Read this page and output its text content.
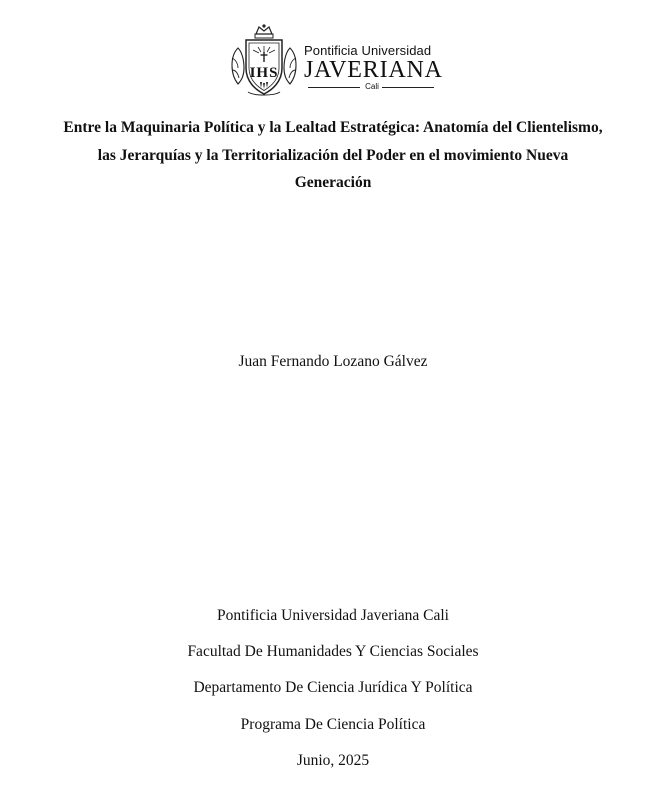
IHS
Pontificia Universidad
JAVERIANA
Cali
Entre la Maquinaria Política y la Lealtad Estratégica: Anatomía del Clientelismo, las Jerarquías y la Territorialización del Poder en el movimiento Nueva Generación
Juan Fernando Lozano Gálvez
Pontificia Universidad Javeriana Cali
Facultad De Humanidades Y Ciencias Sociales
Departamento De Ciencia Jurídica Y Política
Programa De Ciencia Política
Junio, 2025
